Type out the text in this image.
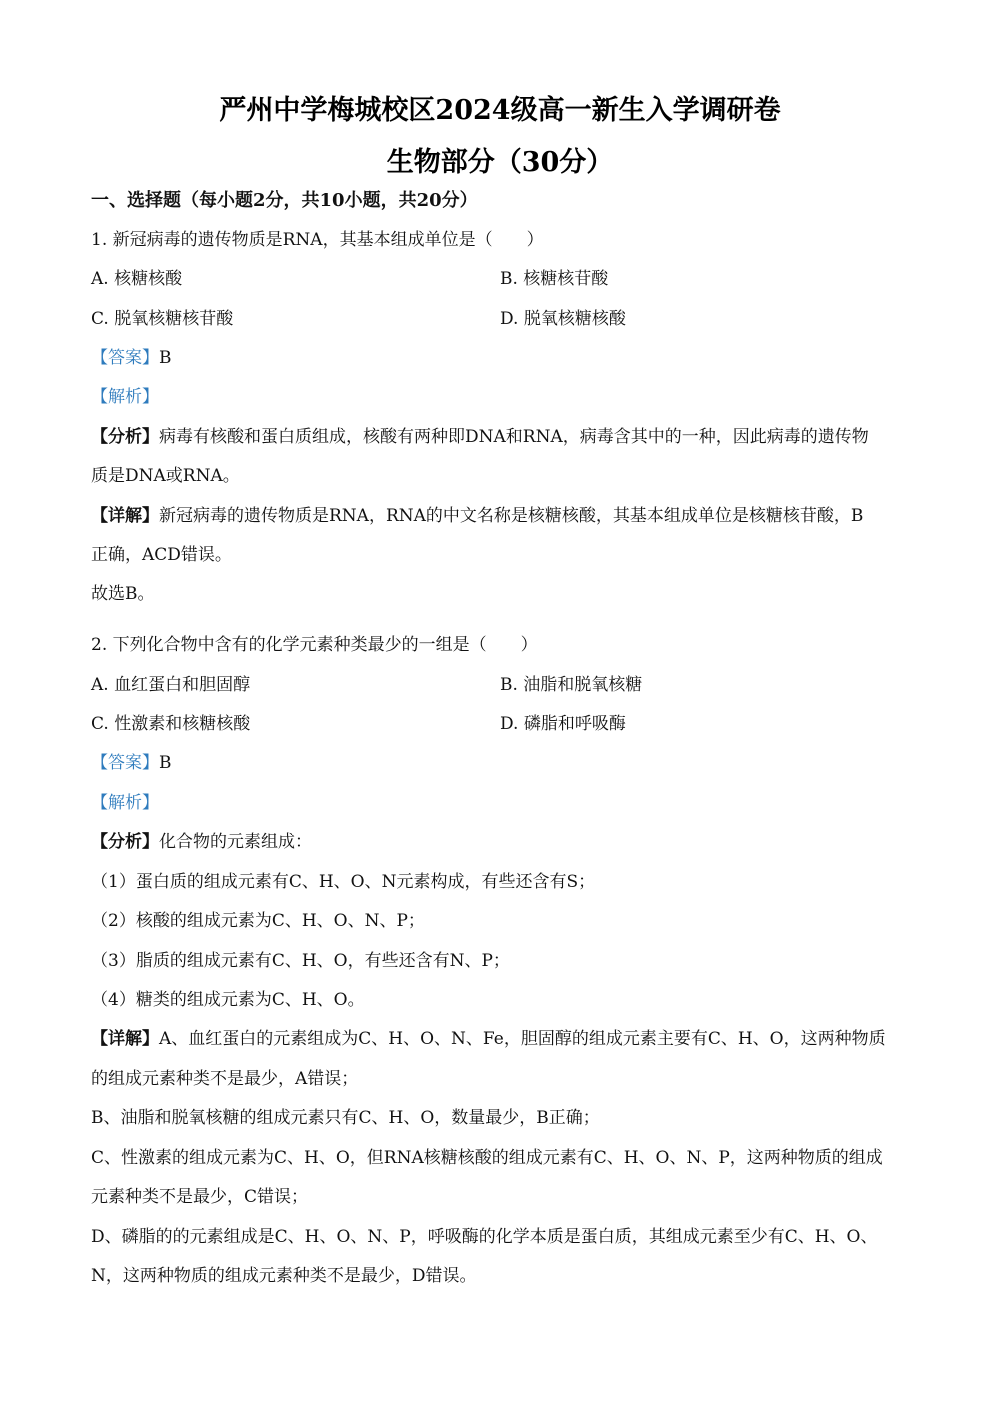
严州中学梅城校区2024级高一新生入学调研卷
生物部分（30分）
一、选择题（每小题2分，共10小题，共20分）
1. 新冠病毒的遗传物质是RNA，其基本组成单位是（　　）
A. 核糖核酸	B. 核糖核苷酸
C. 脱氧核糖核苷酸	D. 脱氧核糖核酸
【答案】B
【解析】
【分析】病毒有核酸和蛋白质组成，核酸有两种即DNA和RNA，病毒含其中的一种，因此病毒的遗传物
质是DNA或RNA。
【详解】新冠病毒的遗传物质是RNA，RNA的中文名称是核糖核酸，其基本组成单位是核糖核苷酸，B
正确，ACD错误。
故选B。
2. 下列化合物中含有的化学元素种类最少的一组是（　　）
A. 血红蛋白和胆固醇	B. 油脂和脱氧核糖
C. 性激素和核糖核酸	D. 磷脂和呼吸酶
【答案】B
【解析】
【分析】化合物的元素组成：
（1）蛋白质的组成元素有C、H、O、N元素构成，有些还含有S；
（2）核酸的组成元素为C、H、O、N、P；
（3）脂质的组成元素有C、H、O，有些还含有N、P；
（4）糖类的组成元素为C、H、O。
【详解】A、血红蛋白的元素组成为C、H、O、N、Fe，胆固醇的组成元素主要有C、H、O，这两种物质
的组成元素种类不是最少，A错误；
B、油脂和脱氧核糖的组成元素只有C、H、O，数量最少，B正确；
C、性激素的组成元素为C、H、O，但RNA核糖核酸的组成元素有C、H、O、N、P，这两种物质的组成
元素种类不是最少，C错误；
D、磷脂的的元素组成是C、H、O、N、P，呼吸酶的化学本质是蛋白质，其组成元素至少有C、H、O、
N，这两种物质的组成元素种类不是最少，D错误。
